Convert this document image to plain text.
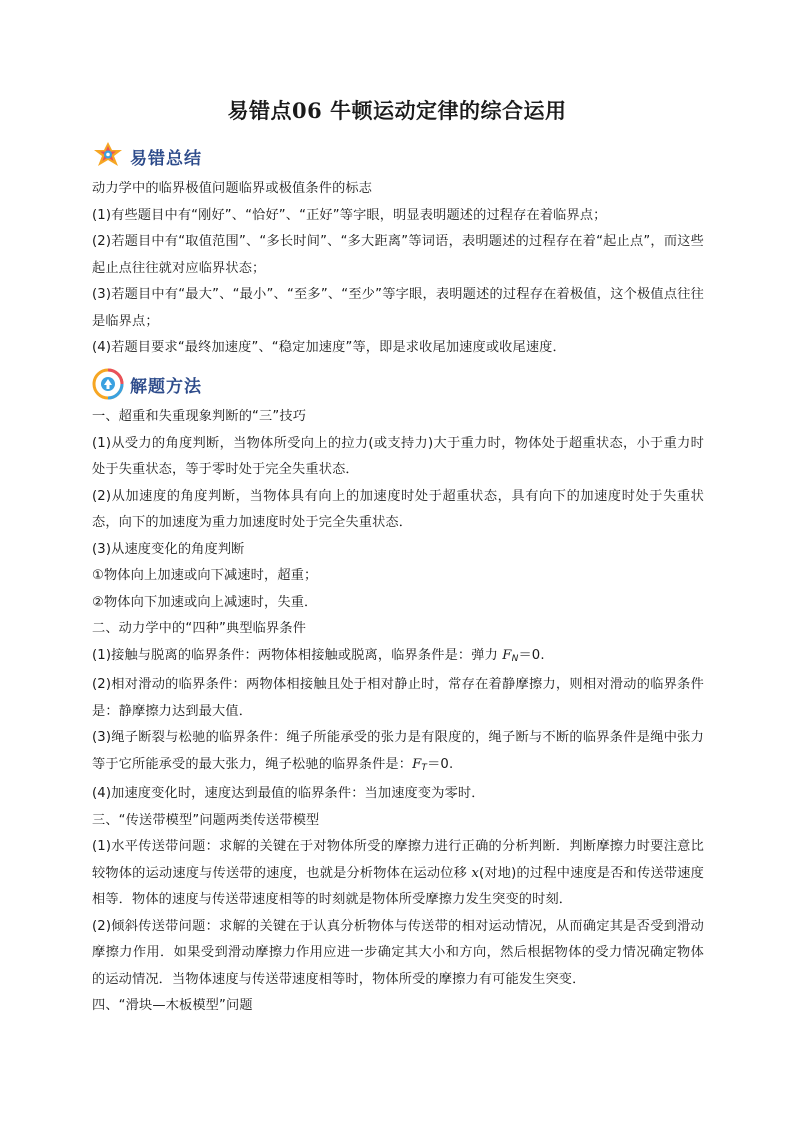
易错点06 牛顿运动定律的综合运用
易错总结

动力学中的临界极值问题临界或极值条件的标志

(1)有些题目中有“刚好”、“恰好”、“正好”等字眼，明显表明题述的过程存在着临界点；

(2)若题目中有“取值范围”、“多长时间”、“多大距离”等词语，表明题述的过程存在着“起止点”，而这些起止点往往就对应临界状态；

(3)若题目中有“最大”、“最小”、“至多”、“至少”等字眼，表明题述的过程存在着极值，这个极值点往往是临界点；

(4)若题目要求“最终加速度”、“稳定加速度”等，即是求收尾加速度或收尾速度．

解题方法

一、超重和失重现象判断的“三”技巧

(1)从受力的角度判断，当物体所受向上的拉力(或支持力)大于重力时，物体处于超重状态，小于重力时处于失重状态，等于零时处于完全失重状态．

(2)从加速度的角度判断，当物体具有向上的加速度时处于超重状态，具有向下的加速度时处于失重状态，向下的加速度为重力加速度时处于完全失重状态．

(3)从速度变化的角度判断

①物体向上加速或向下减速时，超重；

②物体向下加速或向上减速时，失重．

二、动力学中的“四种”典型临界条件

(1)接触与脱离的临界条件：两物体相接触或脱离，临界条件是：弹力 $F_N=0$.

(2)相对滑动的临界条件：两物体相接触且处于相对静止时，常存在着静摩擦力，则相对滑动的临界条件是：静摩擦力达到最大值．

(3)绳子断裂与松驰的临界条件：绳子所能承受的张力是有限度的，绳子断与不断的临界条件是绳中张力等于它所能承受的最大张力，绳子松驰的临界条件是：$F_T=0$.

(4)加速度变化时，速度达到最值的临界条件：当加速度变为零时．

三、“传送带模型”问题两类传送带模型

(1)水平传送带问题：求解的关键在于对物体所受的摩擦力进行正确的分析判断．判断摩擦力时要注意比较物体的运动速度与传送带的速度，也就是分析物体在运动位移 x(对地)的过程中速度是否和传送带速度相等．物体的速度与传送带速度相等的时刻就是物体所受摩擦力发生突变的时刻．

(2)倾斜传送带问题：求解的关键在于认真分析物体与传送带的相对运动情况，从而确定其是否受到滑动摩擦力作用．如果受到滑动摩擦力作用应进一步确定其大小和方向，然后根据物体的受力情况确定物体的运动情况．当物体速度与传送带速度相等时，物体所受的摩擦力有可能发生突变．

四、“滑块—木板模型”问题
